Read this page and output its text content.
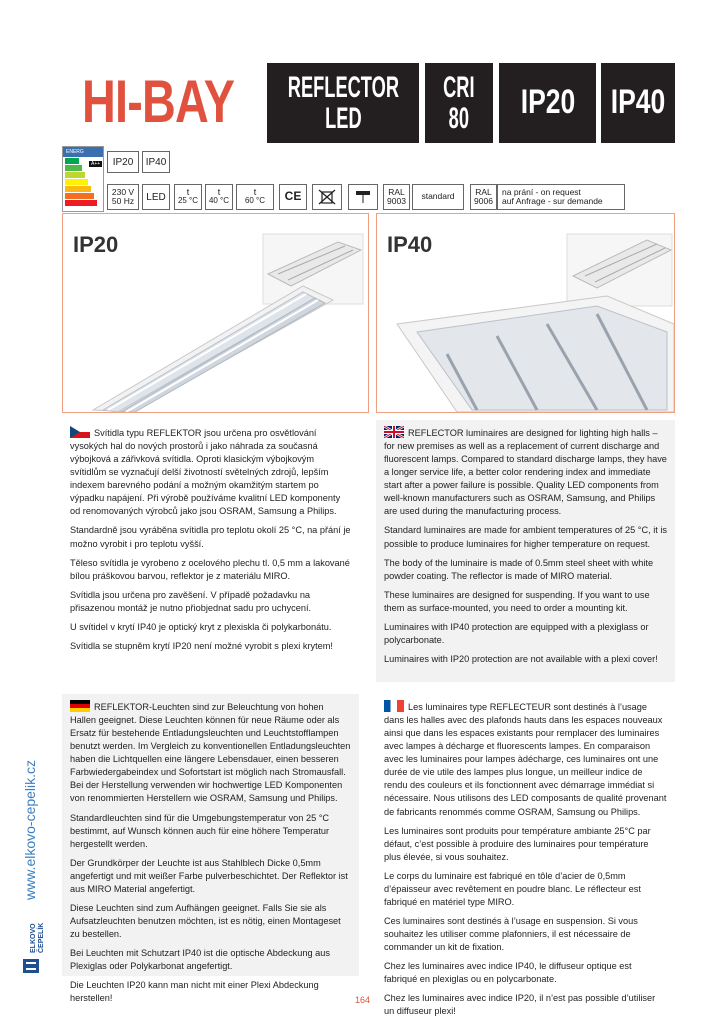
HI-BAY REFLECTOR
LED
CRI
80 IP20 IP40
ENERG
A++	IP20	IP40
230 V
50 Hz	LED	t
25 °C
t
40 °C
t
60 °C	CE	RAL
9003	standard	RAL
9006
na prání - on request
auf Anfrage - sur demande
IP20	IP40

Svítidla typu REFLEKTOR jsou určena pro osvětlování vysokých hal do nových prostorů i jako náhrada za současná výbojková a zářivková svítidla. Oproti klasickým výbojkovým svítidlům se vyznačují delší životností světelných zdrojů, lepším indexem barevného podání a možným okamžitým startem po výpadku napájení. Při výrobě používáme kvalitní LED komponenty od renomovaných výrobců jako jsou OSRAM, Samsung a Philips.

Standardně jsou vyráběna svítidla pro teplotu okolí 25 °C, na přání je možno vyrobit i pro teplotu vyšší.

Těleso svítidla je vyrobeno z ocelového plechu tl. 0,5 mm a lakované bílou práškovou barvou, reflektor je z materiálu MIRO.

Svítidla jsou určena pro zavěšení. V případě požadavku na přisazenou montáž je nutno přiobjednat sadu pro uchycení.

U svítidel v krytí IP40 je optický kryt z plexiskla či polykarbonátu.

Svítidla se stupněm krytí IP20 není možné vyrobit s plexi krytem!

REFLECTOR luminaires are designed for lighting high halls – for new premises as well as a replacement of current discharge and fluorescent lamps. Compared to standard discharge lamps, they have a longer service life, a better color rendering index and immediate start after a power failure is possible. Quality LED components from well-known manufacturers such as OSRAM, Samsung, and Philips are used during the manufacturing process.

Standard luminaires are made for ambient temperatures of 25 °C, it is possible to produce luminaires for higher temperature on request.

The body of the luminaire is made of 0.5mm steel sheet with white powder coating. The reflector is made of MIRO material.

These luminaires are designed for suspending. If you want to use them as surface-mounted, you need to order a mounting kit.

Luminaires with IP40 protection are equipped with a plexiglass or polycarbonate.

Luminaires with IP20 protection are not available with a plexi cover!

REFLEKTOR-Leuchten sind zur Beleuchtung von hohen Hallen geeignet. Diese Leuchten können für neue Räume oder als Ersatz für bestehende Entladungsleuchten und Leuchtstofflampen benutzt werden. Im Vergleich zu konventionellen Entladungsleuchten haben die Lichtquellen eine längere Lebensdauer, einen besseren Farbwiedergabeindex und Sofortstart ist möglich nach Stromausfall. Bei der Herstellung verwenden wir hochwertige LED Komponenten von renommierten Herstellern wie OSRAM, Samsung und Philips.

Standardleuchten sind für die Umgebungstemperatur von 25 °C bestimmt, auf Wunsch können auch für eine höhere Temperatur hergestellt werden.

Der Grundkörper der Leuchte ist aus Stahlblech Dicke 0,5mm angefertigt und mit weißer Farbe pulverbeschichtet. Der Reflektor ist aus MIRO Material angefertigt.

Diese Leuchten sind zum Aufhängen geeignet. Falls Sie sie als Aufsatzleuchten benutzen möchten, ist es nötig, einen Montageset zu bestellen.

Bei Leuchten mit Schutzart IP40 ist die optische Abdeckung aus Plexiglas oder Polykarbonat angefertigt.

Die Leuchten IP20 kann man nicht mit einer Plexi Abdeckung herstellen!

Les luminaires type REFLECTEUR sont destinés à l’usage dans les halles avec des plafonds hauts dans les espaces nouveaux ainsi que dans les espaces existants pour remplacer des luminaires avec lampes à décharge et fluorescents lampes. En comparaison avec les luminaires pour lampes àdécharge, ces luminaires ont une durée de vie utile des lampes plus longue, un meilleur indice de rendu des couleurs et ils fonctionnent avec démarrage immédiat si nécessaire. Nous utilisons des LED composants de qualité provenant de fabricants renommés comme OSRAM, Samsung ou Philips.

Les luminaires sont produits pour température ambiante 25°C par défaut, c’est possible à produire des luminaires pour température plus élevée, si vous souhaitez.

Le corps du luminaire est fabriqué en tôle d’acier de 0,5mm d’épaisseur avec revêtement en poudre blanc. Le réflecteur est fabriqué en matériel type MIRO.

Ces luminaires sont destinés à l’usage en suspension. Si vous souhaitez les utiliser comme plafonniers, il est nécessaire de commander un kit de fixation.

Chez les luminaires avec indice IP40, le diffuseur optique est fabriqué en plexiglas ou en polycarbonate.

Chez les luminaires avec indice IP20, il n’est pas possible d’utiliser un diffuseur plexi!

www.elkovo-cepelik.cz
ELKOVO ČEPELÍK
164
